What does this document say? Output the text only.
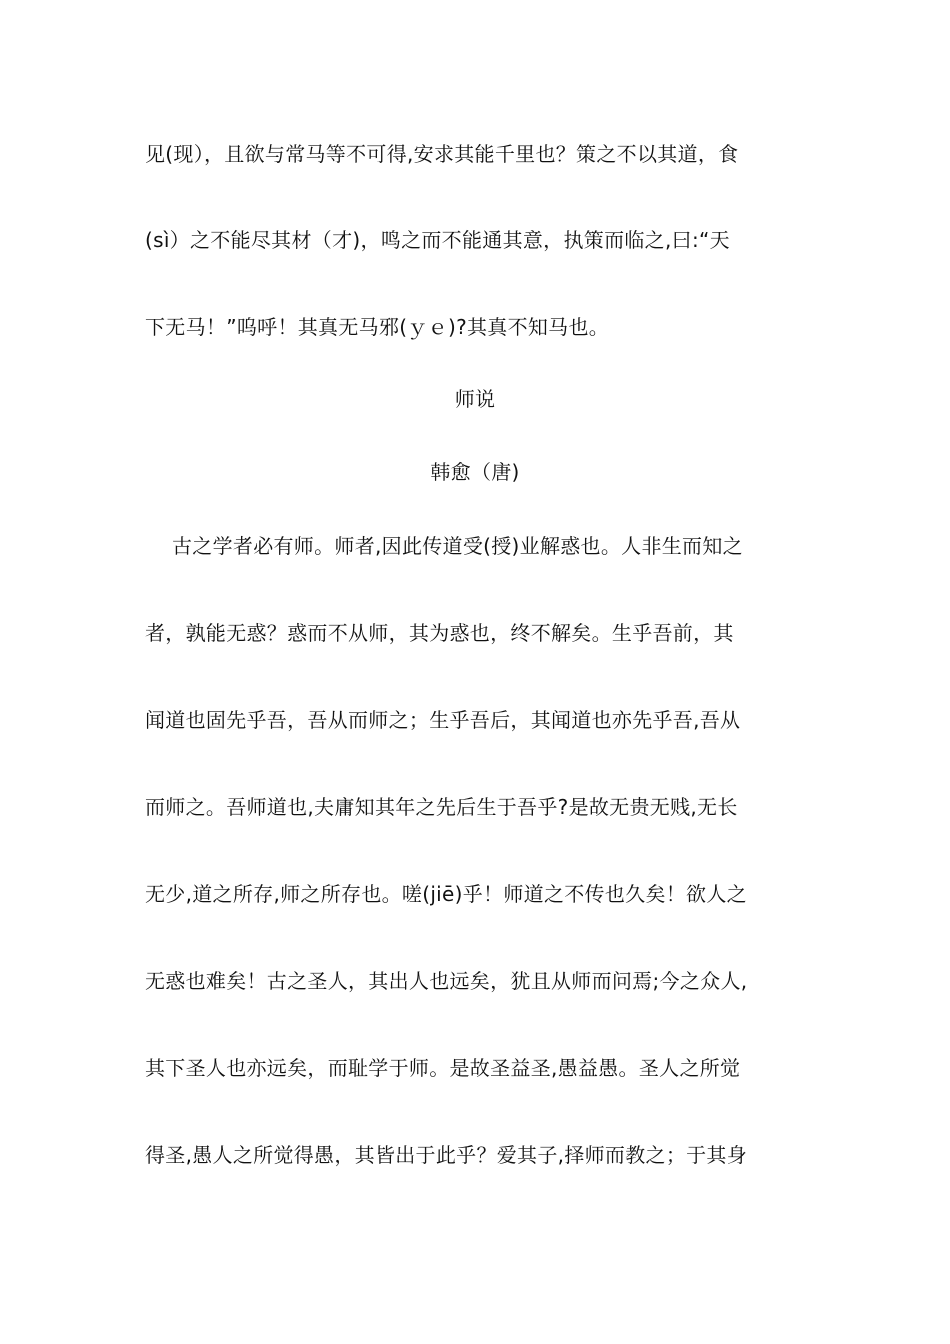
见(现），且欲与常马等不可得,安求其能千里也？策之不以其道，食
(sì）之不能尽其材（才)，鸣之而不能通其意，执策而临之,曰:“天
下无马！”呜呼！其真无马邪(ｙｅ)?其真不知马也。
师说
韩愈（唐)
古之学者必有师。师者,因此传道受(授)业解惑也。人非生而知之
者，孰能无惑？惑而不从师，其为惑也，终不解矣。生乎吾前，其
闻道也固先乎吾，吾从而师之；生乎吾后，其闻道也亦先乎吾,吾从
而师之。吾师道也,夫庸知其年之先后生于吾乎?是故无贵无贱,无长
无少,道之所存,师之所存也。嗟(jiē)乎！师道之不传也久矣！欲人之
无惑也难矣！古之圣人，其出人也远矣，犹且从师而问焉;今之众人,
其下圣人也亦远矣，而耻学于师。是故圣益圣,愚益愚。圣人之所觉
得圣,愚人之所觉得愚，其皆出于此乎？爱其子,择师而教之；于其身
